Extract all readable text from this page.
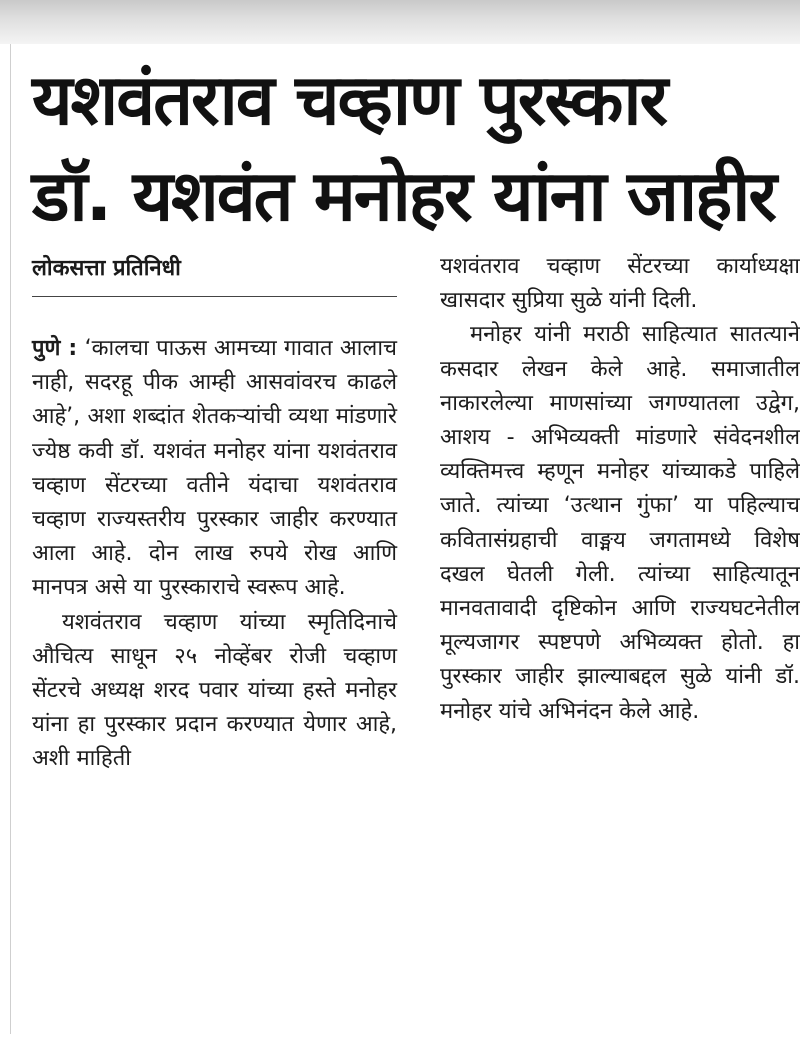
यशवंतराव चव्हाण पुरस्कार
डॉ. यशवंत मनोहर यांना जाहीर
लोकसत्ता प्रतिनिधी

पुणे : ‘कालचा पाऊस आमच्या गावात आलाच नाही, सदरहू पीक आम्ही आसवांवरच काढले आहे’, अशा शब्दांत शेतकऱ्यांची व्यथा मांडणारे ज्येष्ठ कवी डॉ. यशवंत मनोहर यांना यशवंतराव चव्हाण सेंटरच्या वतीने यंदाचा यशवंतराव चव्हाण राज्यस्तरीय पुरस्कार जाहीर करण्यात आला आहे. दोन लाख रुपये रोख आणि मानपत्र असे या पुरस्काराचे स्वरूप आहे.

यशवंतराव चव्हाण यांच्या स्मृतिदिनाचे औचित्य साधून २५ नोव्हेंबर रोजी चव्हाण सेंटरचे अध्यक्ष शरद पवार यांच्या हस्ते मनोहर यांना हा पुरस्कार प्रदान करण्यात येणार आहे, अशी माहिती

यशवंतराव चव्हाण सेंटरच्या कार्याध्यक्षा खासदार सुप्रिया सुळे यांनी दिली.

मनोहर यांनी मराठी साहित्यात सातत्याने कसदार लेखन केले आहे. समाजातील नाकारलेल्या माणसांच्या जगण्यातला उद्वेग, आशय - अभिव्यक्ती मांडणारे संवेदनशील व्यक्तिमत्त्व म्हणून मनोहर यांच्याकडे पाहिले जाते. त्यांच्या ‘उत्थान गुंफा’ या पहिल्याच कवितासंग्रहाची वाङ्मय जगतामध्ये विशेष दखल घेतली गेली. त्यांच्या साहित्यातून मानवतावादी दृष्टिकोन आणि राज्यघटनेतील मूल्यजागर स्पष्टपणे अभिव्यक्त होतो. हा पुरस्कार जाहीर झाल्याबद्दल सुळे यांनी डॉ. मनोहर यांचे अभिनंदन केले आहे.
